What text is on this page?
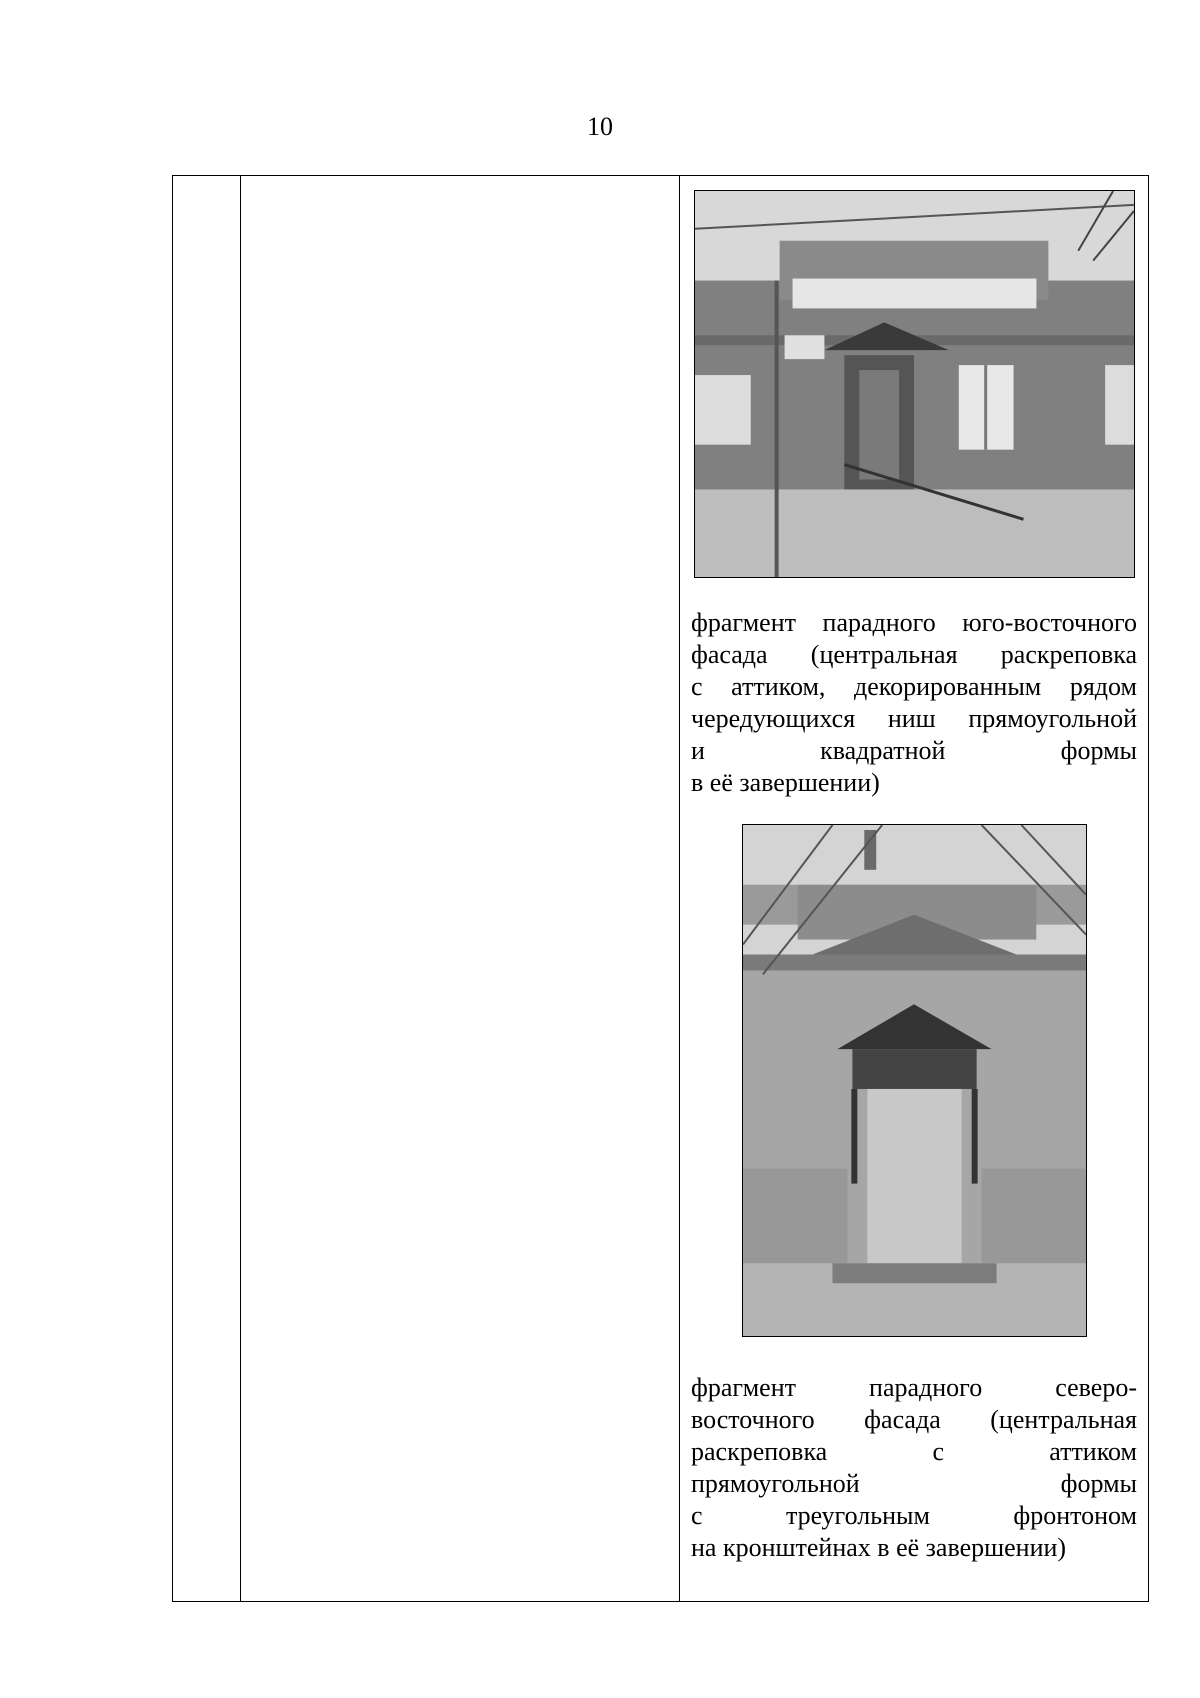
10

фрагмент парадного юго-восточного
фасада (центральная раскреповка
с аттиком, декорированным рядом
чередующихся ниш прямоугольной
и квадратной формы
в её завершении)

фрагмент парадного северо-
восточного фасада (центральная
раскреповка с аттиком
прямоугольной формы
с треугольным фронтоном
на кронштейнах в её завершении)
